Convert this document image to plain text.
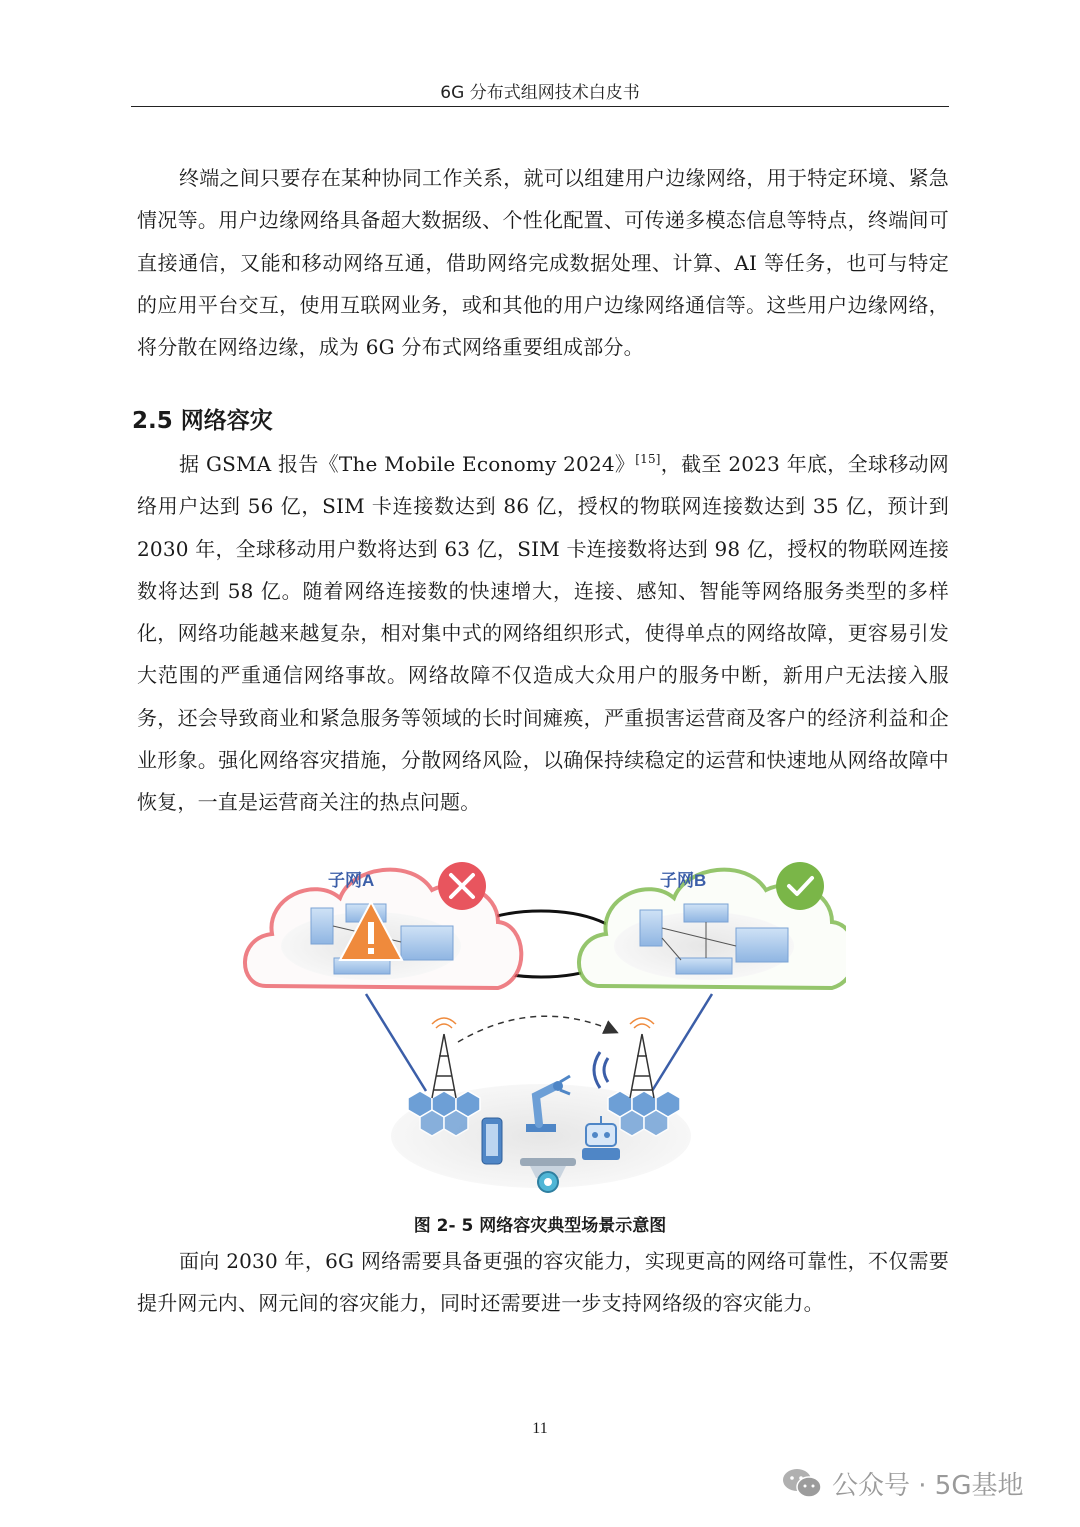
6G 分布式组网技术白皮书

终端之间只要存在某种协同工作关系，就可以组建用户边缘网络，用于特定环境、紧急情况等。用户边缘网络具备超大数据级、个性化配置、可传递多模态信息等特点，终端间可直接通信，又能和移动网络互通，借助网络完成数据处理、计算、AI 等任务，也可与特定的应用平台交互，使用互联网业务，或和其他的用户边缘网络通信等。这些用户边缘网络，将分散在网络边缘，成为 6G 分布式网络重要组成部分。

2.5 网络容灾

据 GSMA 报告《The Mobile Economy 2024》[15]，截至 2023 年底，全球移动网络用户达到 56 亿，SIM 卡连接数达到 86 亿，授权的物联网连接数达到 35 亿，预计到 2030 年，全球移动用户数将达到 63 亿，SIM 卡连接数将达到 98 亿，授权的物联网连接数将达到 58 亿。随着网络连接数的快速增大，连接、感知、智能等网络服务类型的多样化，网络功能越来越复杂，相对集中式的网络组织形式，使得单点的网络故障，更容易引发大范围的严重通信网络事故。网络故障不仅造成大众用户的服务中断，新用户无法接入服务，还会导致商业和紧急服务等领域的长时间瘫痪，严重损害运营商及客户的经济利益和企业形象。强化网络容灾措施，分散网络风险，以确保持续稳定的运营和快速地从网络故障中恢复，一直是运营商关注的热点问题。

子网A	子网B
图 2- 5 网络容灾典型场景示意图

面向 2030 年，6G 网络需要具备更强的容灾能力，实现更高的网络可靠性，不仅需要提升网元内、网元间的容灾能力，同时还需要进一步支持网络级的容灾能力。

11
公众号 · 5G基地
